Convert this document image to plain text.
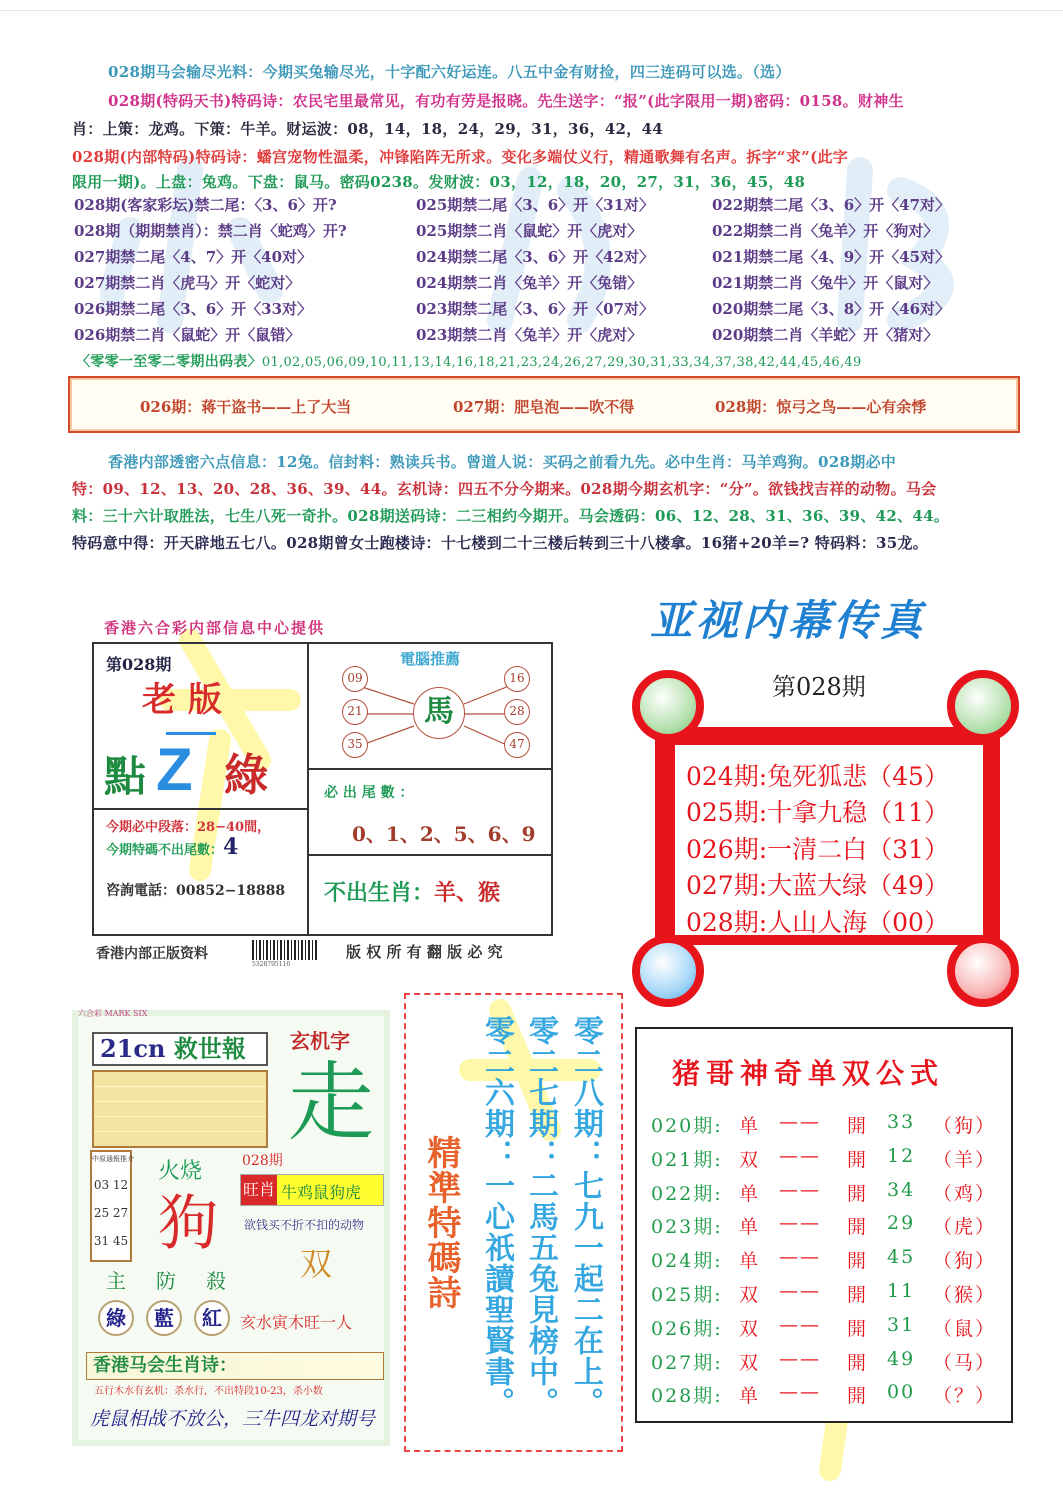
028期马会输尽光料：今期买兔输尽光，十字配六好运连。八五中金有财捡，四三连码可以选。（选）
028期(特码天书)特码诗：农民宅里最常见，有功有劳是报晓。先生送字：“报”(此字限用一期)密码：0158。财神生
肖：上策：龙鸡。下策：牛羊。财运波：08，14，18，24，29，31，36，42，44
028期(内部特码)特码诗：蟠宫宠物性温柔，冲锋陷阵无所求。变化多端仗义行，精通歌舞有名声。拆字“求”(此字
限用一期)。上盘：兔鸡。下盘：鼠马。密码0238。发财波：03，12，18，20，27，31，36，45，48
028期(客家彩坛)禁二尾：〈3、6〉开?	025期禁二尾〈3、6〉开〈31对〉	022期禁二尾〈3、6〉开〈47对〉
028期（期期禁肖）：禁二肖〈蛇鸡〉开?	025期禁二肖〈鼠蛇〉开〈虎对〉	022期禁二肖〈兔羊〉开〈狗对〉
027期禁二尾〈4、7〉开〈40对〉	024期禁二尾〈3、6〉开〈42对〉	021期禁二尾〈4、9〉开〈45对〉
027期禁二肖〈虎马〉开〈蛇对〉	024期禁二肖〈兔羊〉开〈兔错〉	021期禁二肖〈兔牛〉开〈鼠对〉
026期禁二尾〈3、6〉开〈33对〉	023期禁二尾〈3、6〉开〈07对〉	020期禁二尾〈3、8〉开〈46对〉
026期禁二肖〈鼠蛇〉开〈鼠错〉	023期禁二肖〈兔羊〉开〈虎对〉	020期禁二肖〈羊蛇〉开〈猪对〉
〈零零一至零二零期出码表〉01,02,05,06,09,10,11,13,14,16,18,21,23,24,26,27,29,30,31,33,34,37,38,42,44,45,46,49
026期：蒋干盗书——上了大当	027期：肥皂泡——吹不得	028期：惊弓之鸟——心有余悸
香港内部透密六点信息：12兔。信封料：熟读兵书。曾道人说：买码之前看九先。必中生肖：马羊鸡狗。028期必中
特：09、12、13、20、28、36、39、44。玄机诗：四五不分今期来。028期今期玄机字：“分”。欲钱找吉祥的动物。马会
料：三十六计取胜法，七生八死一奇扑。028期送码诗：二三相约今期开。马会透码：06、12、28、31、36、39、42、44。
特码意中得：开天辟地五七八。028期曾女士跑楼诗：十七楼到二十三楼后转到三十八楼拿。16猪+20羊=? 特码料：35龙。
香港六合彩内部信息中心提供
第028期
老 版
點 Z 綠
今期必中段落：28−40間，
今期特碼不出尾數：4
咨詢電話：00852−18888
電腦推薦
馬
09
21
35
16
28
47
必 出 尾 數 ：
0、1、2、5、6、9
不出生肖：羊、猴
香港内部正版资料
5328795116
版 权 所 有 翻 版 必 究
亚视内幕传真
第028期
024期:兔死狐悲（45）
025期:十拿九稳（11）
026期:一清二白（31）
027期:大蓝大绿（49）
028期:人山人海（00）
猪哥神奇单双公式
020期: 单 —— 開 33 （狗）
021期: 双 —— 開 12 （羊）
022期: 单 —— 開 34 （鸡）
023期: 单 —— 開 29 （虎）
024期: 单 —— 開 45 （狗）
025期: 双 —— 開 11 （猴）
026期: 双 —— 開 31 （鼠）
027期: 双 —— 開 49 （马）
028期: 单 —— 開 00 （？）
六合彩 MARK SIX
21cn 救世報	玄机字
走
中原通報推介
03 12
25 27
31 45
火烧
狗
028期
旺肖 牛鸡鼠狗虎
欲钱买不折不扣的动物
双
主 防 殺
綠	藍	紅	亥水寅木旺一人
香港马会生肖诗：
五行木水有玄机：杀水行，不出特段10-23，杀小数
虎鼠相战不放公，三牛四龙对期号
精準特碼詩	零二八期：七九一起二在上。
零二七期：二馬五兔見榜中。
零二六期：一心祇讀聖賢書。
